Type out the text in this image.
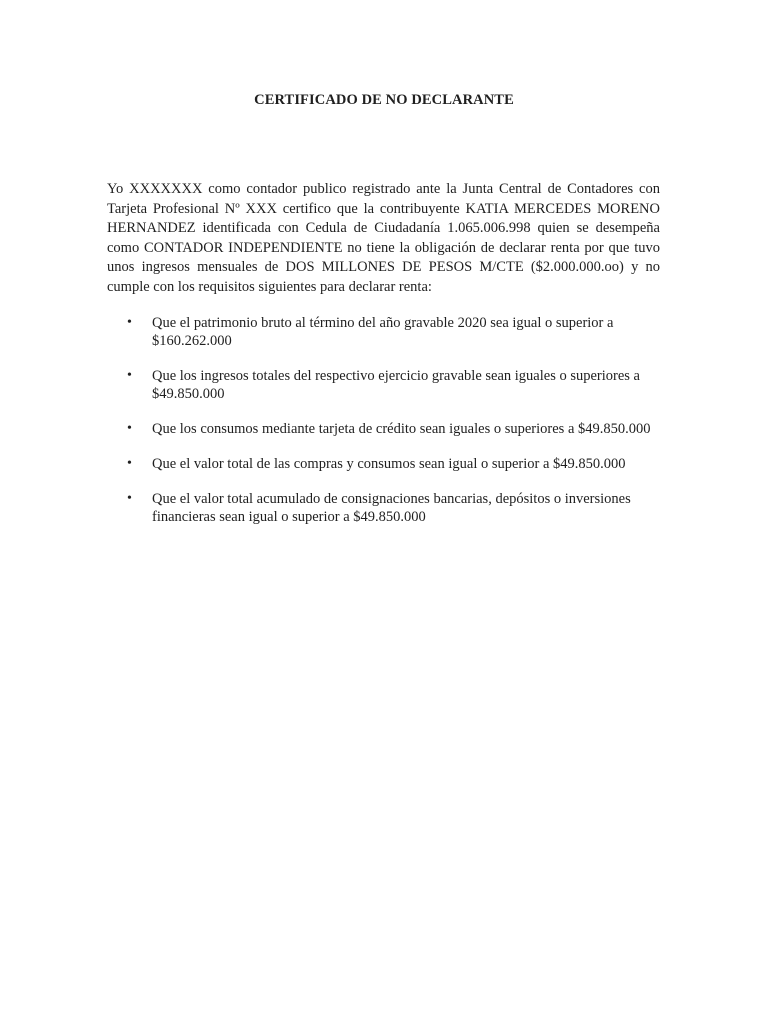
CERTIFICADO DE NO DECLARANTE
Yo XXXXXXX como contador publico registrado ante la Junta Central de Contadores con Tarjeta Profesional Nº XXX certifico que la contribuyente KATIA MERCEDES MORENO HERNANDEZ identificada con Cedula de Ciudadanía 1.065.006.998 quien se desempeña como CONTADOR INDEPENDIENTE no tiene la obligación de declarar renta por que tuvo unos ingresos mensuales de DOS MILLONES DE PESOS M/CTE ($2.000.000.oo) y no cumple con los requisitos siguientes para declarar renta:
• Que el patrimonio bruto al término del año gravable 2020 sea igual o superior a $160.262.000
• Que los ingresos totales del respectivo ejercicio gravable sean iguales o superiores a $49.850.000
• Que los consumos mediante tarjeta de crédito sean iguales o superiores a $49.850.000
• Que el valor total de las compras y consumos sean igual o superior a $49.850.000
• Que el valor total acumulado de consignaciones bancarias, depósitos o inversiones financieras sean igual o superior a $49.850.000
